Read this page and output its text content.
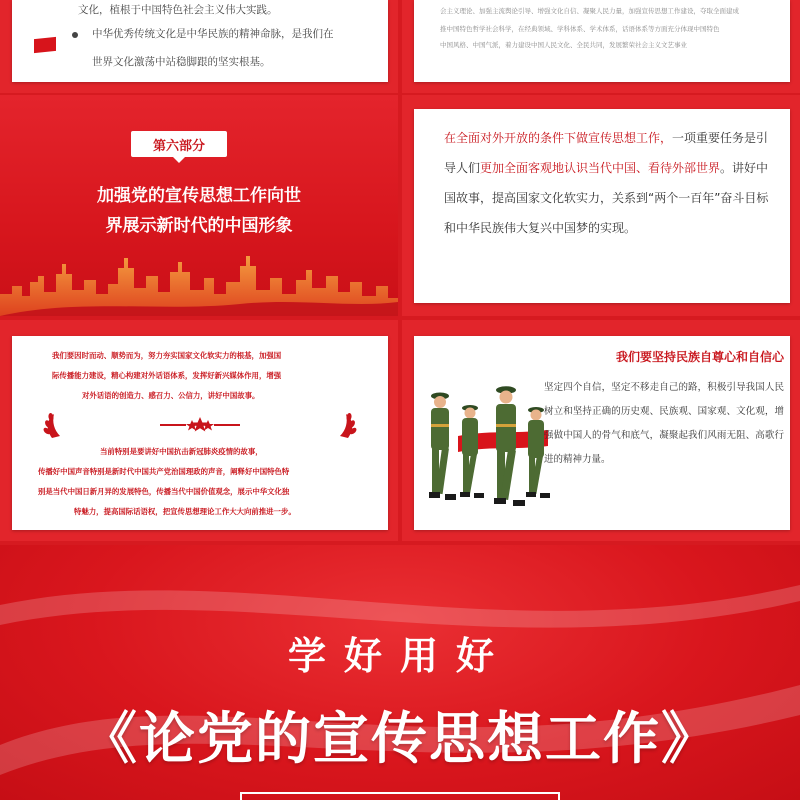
文化，植根于中国特色社会主义伟大实践。
中华优秀传统文化是中华民族的精神命脉，是我们在
世界文化激荡中站稳脚跟的坚实根基。
会主义理论、加强主流舆论引导、增强文化自信、凝聚人民力量，加强宣传思想工作建设，夺取全面建成
推中国特色哲学社会科学，在经典领域、学科体系、学术体系，话语体系等方面充分体现中国特色
中国风格、中国气派，着力建设中国人民文化、全民共同，发展繁荣社会主义文艺事业
第六部分
加强党的宣传思想工作向世
界展示新时代的中国形象
在全面对外开放的条件下做宣传思想工作，一项重要任务是引导人们更加全面客观地认识当代中国、看待外部世界。讲好中国故事，提高国家文化软实力，关系到“两个一百年”奋斗目标和中华民族伟大复兴中国梦的实现。
我们要因时而动、顺势而为，努力夯实国家文化软实力的根基，加强国
际传播能力建设，精心构建对外话语体系，发挥好新兴媒体作用，增强
对外话语的创造力、感召力、公信力，讲好中国故事。
当前特别是要讲好中国抗击新冠肺炎疫情的故事，
传播好中国声音特别是新时代中国共产党治国理政的声音，阐释好中国特色特
别是当代中国日新月异的发展特色，传播当代中国价值观念，展示中华文化独
特魅力，提高国际话语权，把宣传思想理论工作大大向前推进一步。
我们要坚持民族自尊心和自信心
坚定四个自信，坚定不移走自己的路，积极引导我国人民树立和坚持正确的历史观、民族观、国家观、文化观，增强做中国人的骨气和底气，凝聚起我们风雨无阻、高歌行进的精神力量。
学好用好
《论党的宣传思想工作》
